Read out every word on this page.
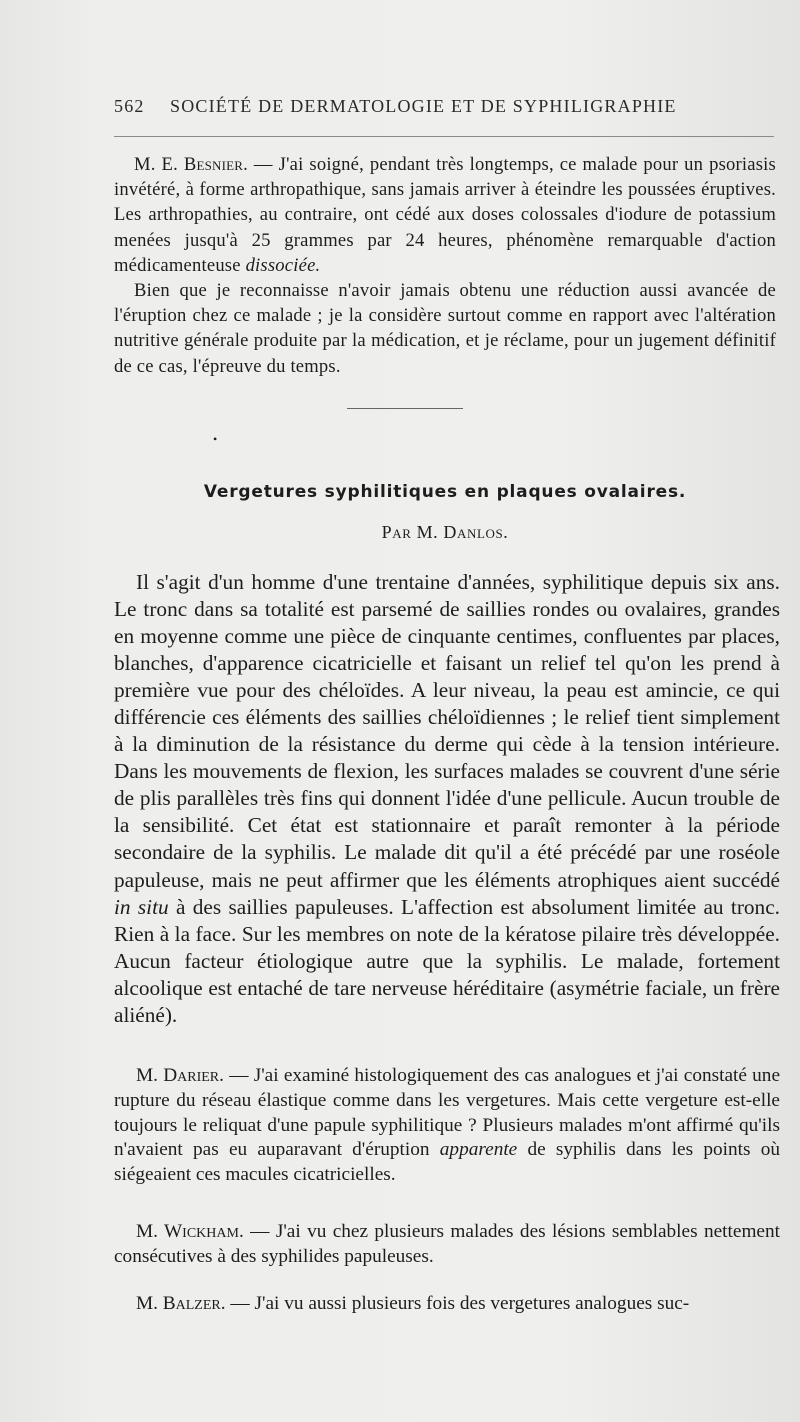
562 SOCIÉTÉ DE DERMATOLOGIE ET DE SYPHILIGRAPHIE

M. E. Besnier. — J'ai soigné, pendant très longtemps, ce malade pour un psoriasis invétéré, à forme arthropathique, sans jamais arriver à éteindre les poussées éruptives. Les arthropathies, au contraire, ont cédé aux doses colossales d'iodure de potassium menées jusqu'à 25 grammes par 24 heures, phénomène remarquable d'action médicamenteuse dissociée.

Bien que je reconnaisse n'avoir jamais obtenu une réduction aussi avancée de l'éruption chez ce malade ; je la considère surtout comme en rapport avec l'altération nutritive générale produite par la médication, et je réclame, pour un jugement définitif de ce cas, l'épreuve du temps.

•
Vergetures syphilitiques en plaques ovalaires.
Par M. Danlos.

Il s'agit d'un homme d'une trentaine d'années, syphilitique depuis six ans. Le tronc dans sa totalité est parsemé de saillies rondes ou ovalaires, grandes en moyenne comme une pièce de cinquante centimes, confluentes par places, blanches, d'apparence cicatricielle et faisant un relief tel qu'on les prend à première vue pour des chéloïdes. A leur niveau, la peau est amincie, ce qui différencie ces éléments des saillies chéloïdiennes ; le relief tient simplement à la diminution de la résistance du derme qui cède à la tension intérieure. Dans les mouvements de flexion, les surfaces malades se couvrent d'une série de plis parallèles très fins qui donnent l'idée d'une pellicule. Aucun trouble de la sensibilité. Cet état est stationnaire et paraît remonter à la période secondaire de la syphilis. Le malade dit qu'il a été précédé par une roséole papuleuse, mais ne peut affirmer que les éléments atrophiques aient succédé in situ à des saillies papuleuses. L'affection est absolument limitée au tronc. Rien à la face. Sur les membres on note de la kératose pilaire très développée. Aucun facteur étiologique autre que la syphilis. Le malade, fortement alcoolique est entaché de tare nerveuse héréditaire (asymétrie faciale, un frère aliéné).

M. Darier. — J'ai examiné histologiquement des cas analogues et j'ai constaté une rupture du réseau élastique comme dans les vergetures. Mais cette vergeture est-elle toujours le reliquat d'une papule syphilitique ? Plusieurs malades m'ont affirmé qu'ils n'avaient pas eu auparavant d'éruption apparente de syphilis dans les points où siégeaient ces macules cicatricielles.

M. Wickham. — J'ai vu chez plusieurs malades des lésions semblables nettement consécutives à des syphilides papuleuses.

M. Balzer. — J'ai vu aussi plusieurs fois des vergetures analogues suc-
